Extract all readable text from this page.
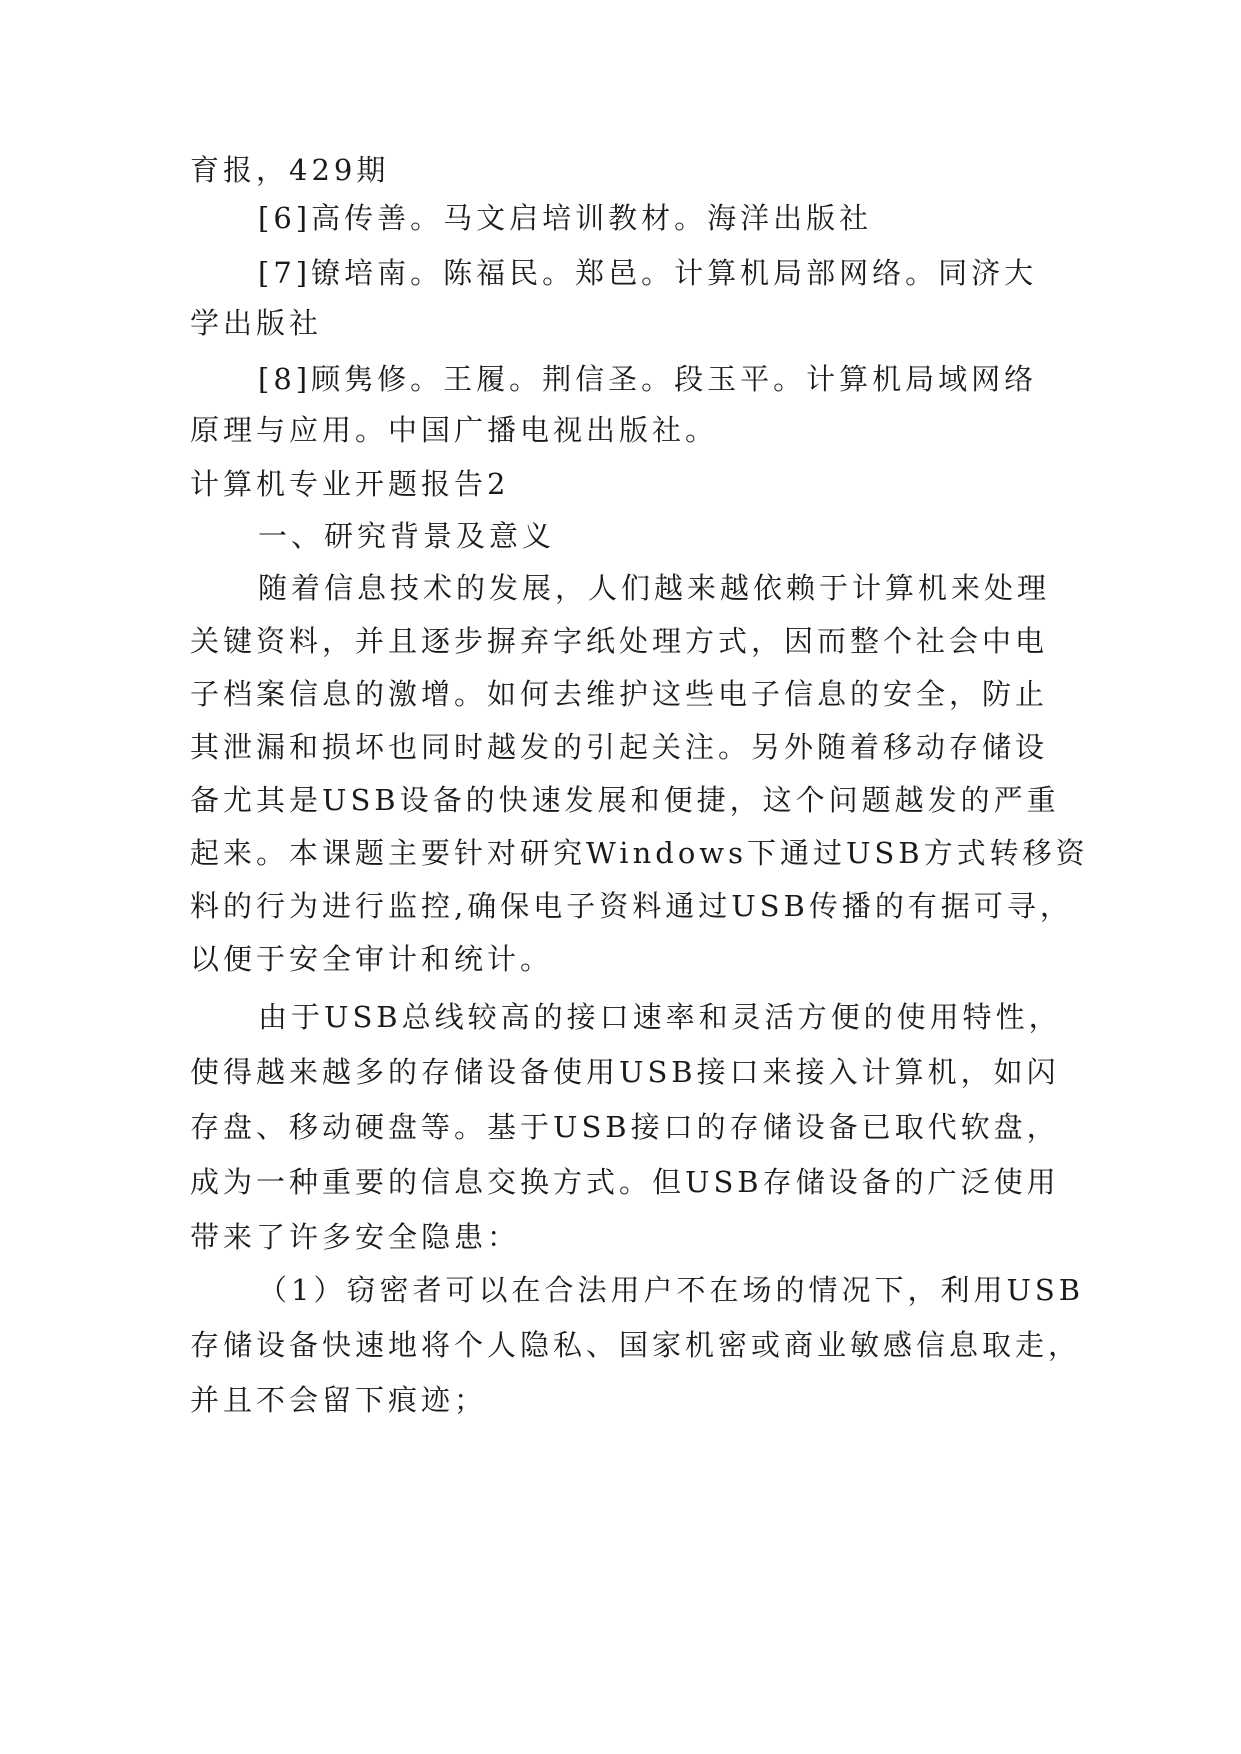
育报，429期
[6]高传善。马文启培训教材。海洋出版社
[7]镣培南。陈福民。郑邑。计算机局部网络。同济大
学出版社
[8]顾隽修。王履。荆信圣。段玉平。计算机局域网络
原理与应用。中国广播电视出版社。
计算机专业开题报告2
一、研究背景及意义
随着信息技术的发展，人们越来越依赖于计算机来处理
关键资料，并且逐步摒弃字纸处理方式，因而整个社会中电
子档案信息的激增。如何去维护这些电子信息的安全，防止
其泄漏和损坏也同时越发的引起关注。另外随着移动存储设
备尤其是USB设备的快速发展和便捷，这个问题越发的严重
起来。本课题主要针对研究Windows下通过USB方式转移资
料的行为进行监控,确保电子资料通过USB传播的有据可寻，
以便于安全审计和统计。
由于USB总线较高的接口速率和灵活方便的使用特性，
使得越来越多的存储设备使用USB接口来接入计算机，如闪
存盘、移动硬盘等。基于USB接口的存储设备已取代软盘，
成为一种重要的信息交换方式。但USB存储设备的广泛使用
带来了许多安全隐患：
（1）窃密者可以在合法用户不在场的情况下，利用USB
存储设备快速地将个人隐私、国家机密或商业敏感信息取走，
并且不会留下痕迹；
